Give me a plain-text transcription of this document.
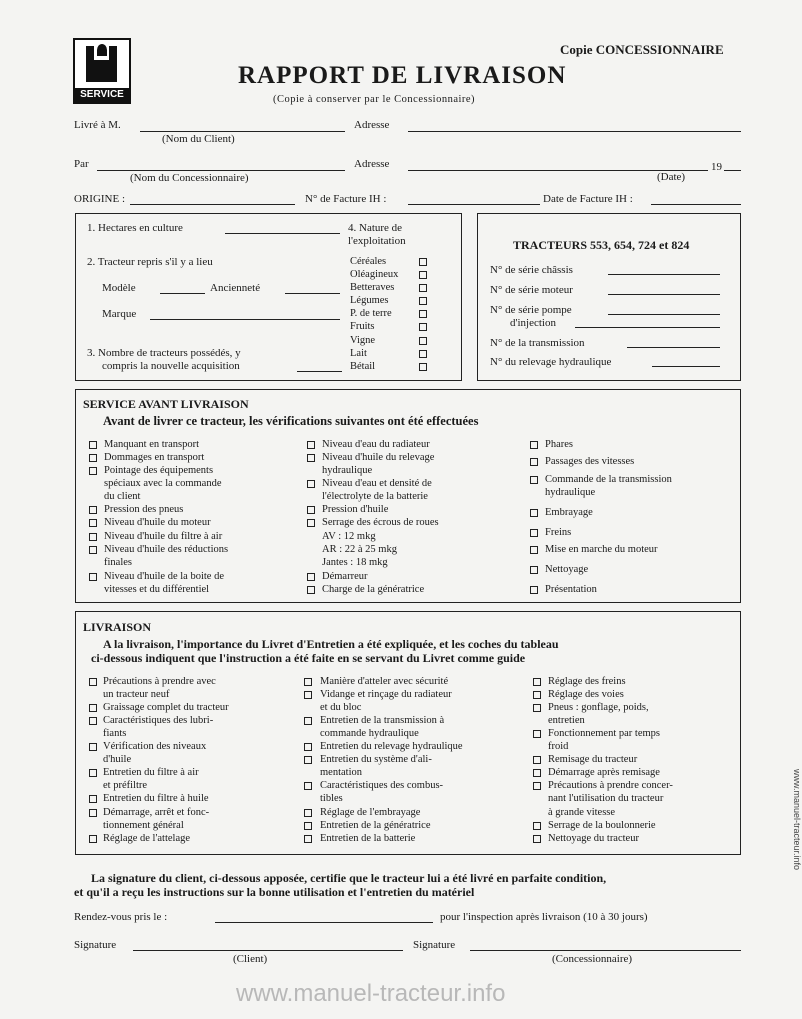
SERVICE
Copie CONCESSIONNAIRE
RAPPORT DE LIVRAISON
(Copie à conserver par le Concessionnaire)
Livré à M.	Adresse
(Nom du Client)
Par	Adresse	19
(Nom du Concessionnaire)	(Date)
ORIGINE :	N° de Facture IH :	Date de Facture IH :
1. Hectares en culture
2. Tracteur repris s'il y a lieu
Modèle	Ancienneté
Marque
3. Nombre de tracteurs possédés, y
compris la nouvelle acquisition
4. Nature de
l'exploitation
Céréales
Oléagineux
Betteraves
Légumes
P. de terre
Fruits
Vigne
Lait
Bétail
TRACTEURS 553, 654, 724 et 824
N° de série châssis
N° de série moteur
N° de série pompe
d'injection
N° de la transmission
N° du relevage hydraulique
SERVICE AVANT LIVRAISON
Avant de livrer ce tracteur, les vérifications suivantes ont été effectuées
Manquant en transport
Dommages en transport
Pointage des équipements
spéciaux avec la commande
du client
Pression des pneus
Niveau d'huile du moteur
Niveau d'huile du filtre à air
Niveau d'huile des réductions
finales
Niveau d'huile de la boite de
vitesses et du différentiel
Niveau d'eau du radiateur
Niveau d'huile du relevage
hydraulique
Niveau d'eau et densité de
l'électrolyte de la batterie
Pression d'huile
Serrage des écrous de roues
AV : 12 mkg
AR : 22 à 25 mkg
Jantes : 18 mkg
Démarreur
Charge de la génératrice
Phares
Passages des vitesses
Commande de la transmission
hydraulique
Embrayage
Freins
Mise en marche du moteur
Nettoyage
Présentation
LIVRAISON
A la livraison, l'importance du Livret d'Entretien a été expliquée, et les coches du tableau
ci-dessous indiquent que l'instruction a été faite en se servant du Livret comme guide
Précautions à prendre avec
un tracteur neuf
Graissage complet du tracteur
Caractéristiques des lubri-
fiants
Vérification des niveaux
d'huile
Entretien du filtre à air
et préfiltre
Entretien du filtre à huile
Démarrage, arrêt et fonc-
tionnement général
Réglage de l'attelage
Manière d'atteler avec sécurité
Vidange et rinçage du radiateur
et du bloc
Entretien de la transmission à
commande hydraulique
Entretien du relevage hydraulique
Entretien du système d'ali-
mentation
Caractéristiques des combus-
tibles
Réglage de l'embrayage
Entretien de la génératrice
Entretien de la batterie
Réglage des freins
Réglage des voies
Pneus : gonflage, poids,
entretien
Fonctionnement par temps
froid
Remisage du tracteur
Démarrage après remisage
Précautions à prendre concer-
nant l'utilisation du tracteur
à grande vitesse
Serrage de la boulonnerie
Nettoyage du tracteur
La signature du client, ci-dessous apposée, certifie que le tracteur lui a été livré en parfaite condition,
et qu'il a reçu les instructions sur la bonne utilisation et l'entretien du matériel
Rendez-vous pris le :	pour l'inspection après livraison (10 à 30 jours)
Signature	Signature
(Client)	(Concessionnaire)
www.manuel-tracteur.info
www.manuel-tracteur.info
